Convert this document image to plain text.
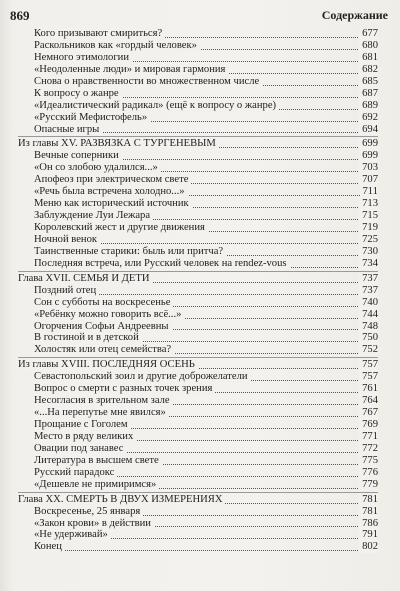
869	Содержание
Кого призывают смириться?	677
Раскольников как «гордый человек»	680
Немного этимологии	681
«Неодоленные люди» и мировая гармония	682
Снова о нравственности во множественном числе	685
К вопросу о жанре	687
«Идеалистический радикал» (ещё к вопросу о жанре)	689
«Русский Мефистофель»	692
Опасные игры	694
Из главы XV. РАЗВЯЗКА С ТУРГЕНЕВЫМ	699
Вечные соперники	699
«Он со злобою удалился...»	703
Апофеоз при электрическом свете	707
«Речь была встречена холодно...»	711
Меню как исторический источник	713
Заблуждение Луи Лежара	715
Королевский жест и другие движения	719
Ночной венок	725
Таинственные старики: быль или притча?	730
Последняя встреча, или Русский человек на rendez-vous	734
Глава XVII. СЕМЬЯ И ДЕТИ	737
Поздний отец	737
Сон с субботы на воскресенье	740
«Ребёнку можно говорить всё...»	744
Огорчения Софьи Андреевны	748
В гостиной и в детской	750
Холостяк или отец семейства?	752
Из главы XVIII. ПОСЛЕДНЯЯ ОСЕНЬ	757
Севастопольский зоил и другие доброжелатели	757
Вопрос о смерти с разных точек зрения	761
Несогласия в зрительном зале	764
«...На перепутье мне явился»	767
Прощание с Гоголем	769
Место в ряду великих	771
Овации под занавес	772
Литература в высшем свете	775
Русский парадокс	776
«Дешевле не примиримся»	779
Глава XX. СМЕРТЬ В ДВУХ ИЗМЕРЕНИЯХ	781
Воскресенье, 25 января	781
«Закон крови» в действии	786
«Не удерживай»	791
Конец	802
